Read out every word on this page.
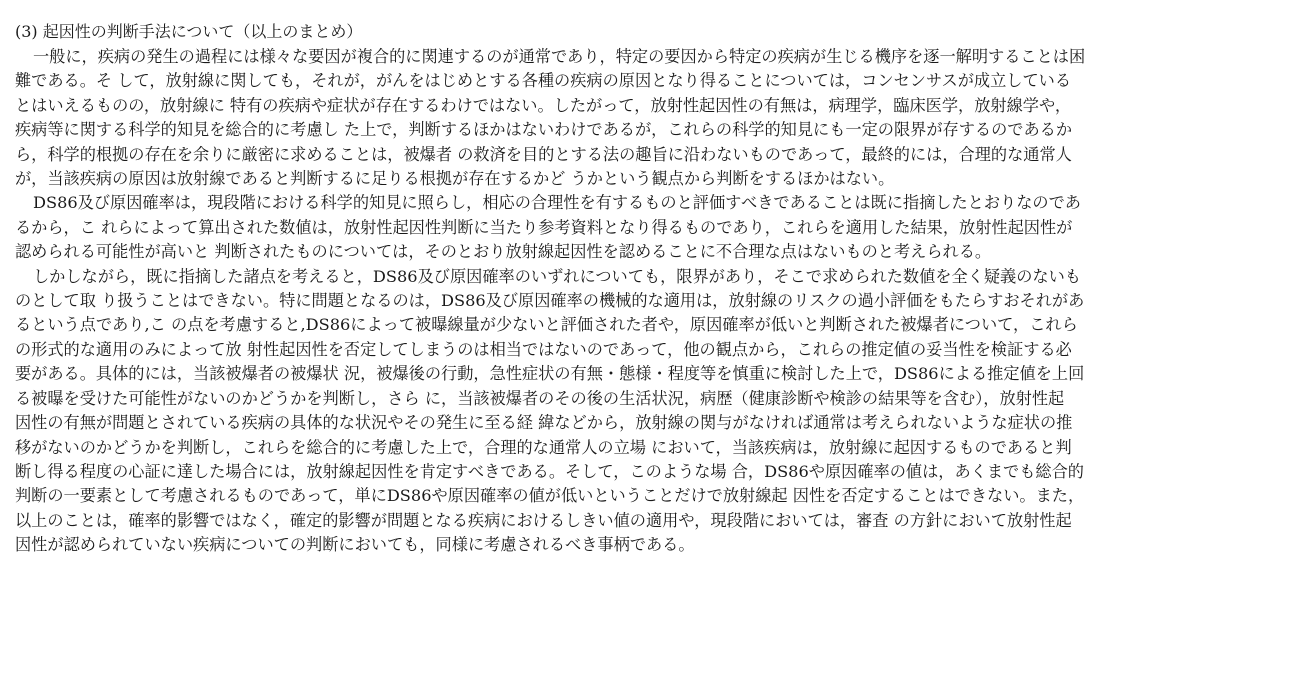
(3) 起因性の判断手法について（以上のまとめ）
一般に，疾病の発生の過程には様々な要因が複合的に関連するのが通常であり，特定の要因から特定の疾病が生じる機序を逐一解明することは困
難である。そ して，放射線に関しても，それが，がんをはじめとする各種の疾病の原因となり得ることについては，コンセンサスが成立している
とはいえるものの，放射線に 特有の疾病や症状が存在するわけではない。したがって，放射性起因性の有無は，病理学，臨床医学，放射線学や，
疾病等に関する科学的知見を総合的に考慮し た上で，判断するほかはないわけであるが，これらの科学的知見にも一定の限界が存するのであるか
ら，科学的根拠の存在を余りに厳密に求めることは，被爆者 の救済を目的とする法の趣旨に沿わないものであって，最終的には，合理的な通常人
が，当該疾病の原因は放射線であると判断するに足りる根拠が存在するかど うかという観点から判断をするほかはない。
DS86及び原因確率は，現段階における科学的知見に照らし，相応の合理性を有するものと評価すべきであることは既に指摘したとおりなのであ
るから，こ れらによって算出された数値は，放射性起因性判断に当たり参考資料となり得るものであり，これらを適用した結果，放射性起因性が
認められる可能性が高いと 判断されたものについては，そのとおり放射線起因性を認めることに不合理な点はないものと考えられる。
しかしながら，既に指摘した諸点を考えると，DS86及び原因確率のいずれについても，限界があり，そこで求められた数値を全く疑義のないも
のとして取 り扱うことはできない。特に問題となるのは，DS86及び原因確率の機械的な適用は，放射線のリスクの過小評価をもたらすおそれがあ
るという点であり,こ の点を考慮すると,DS86によって被曝線量が少ないと評価された者や，原因確率が低いと判断された被爆者について，これら
の形式的な適用のみによって放 射性起因性を否定してしまうのは相当ではないのであって，他の観点から，これらの推定値の妥当性を検証する必
要がある。具体的には，当該被爆者の被爆状 況，被爆後の行動，急性症状の有無・態様・程度等を慎重に検討した上で，DS86による推定値を上回
る被曝を受けた可能性がないのかどうかを判断し，さら に，当該被爆者のその後の生活状況，病歴（健康診断や検診の結果等を含む），放射性起
因性の有無が問題とされている疾病の具体的な状況やその発生に至る経 緯などから，放射線の関与がなければ通常は考えられないような症状の推
移がないのかどうかを判断し，これらを総合的に考慮した上で，合理的な通常人の立場 において，当該疾病は，放射線に起因するものであると判
断し得る程度の心証に達した場合には，放射線起因性を肯定すべきである。そして，このような場 合，DS86や原因確率の値は，あくまでも総合的
判断の一要素として考慮されるものであって，単にDS86や原因確率の値が低いということだけで放射線起 因性を否定することはできない。また，
以上のことは，確率的影響ではなく，確定的影響が問題となる疾病におけるしきい値の適用や，現段階においては，審査 の方針において放射性起
因性が認められていない疾病についての判断においても，同様に考慮されるべき事柄である。
